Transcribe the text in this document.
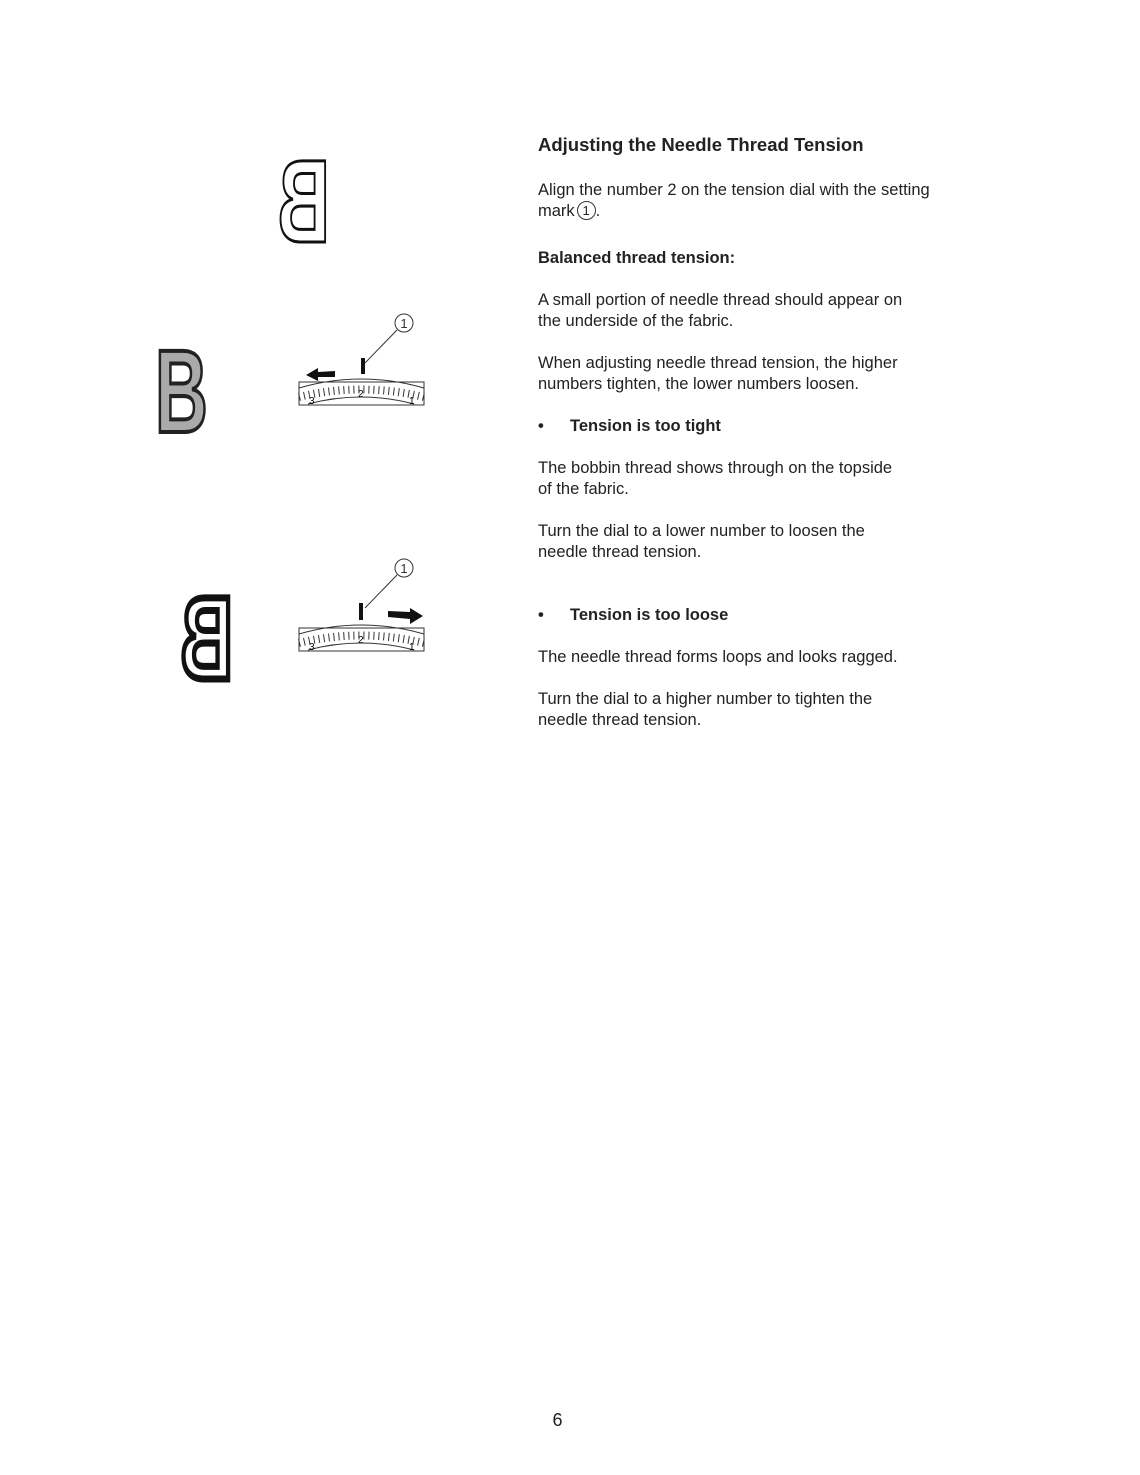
B
B
1
3
2
1
B
1
3
2
1
Adjusting the Needle Thread Tension
Align the number 2 on the tension dial with the setting mark 1 .
Balanced thread tension:
A small portion of needle thread should appear on
the underside of the fabric.
When adjusting needle thread tension, the higher
numbers tighten, the lower numbers loosen.
• Tension is too tight
The bobbin thread shows through on the topside
of the fabric.
Turn the dial to a lower number to loosen the
needle thread tension.
• Tension is too loose
The needle thread forms loops and looks ragged.
Turn the dial to a higher number to tighten the
needle thread tension.
6
